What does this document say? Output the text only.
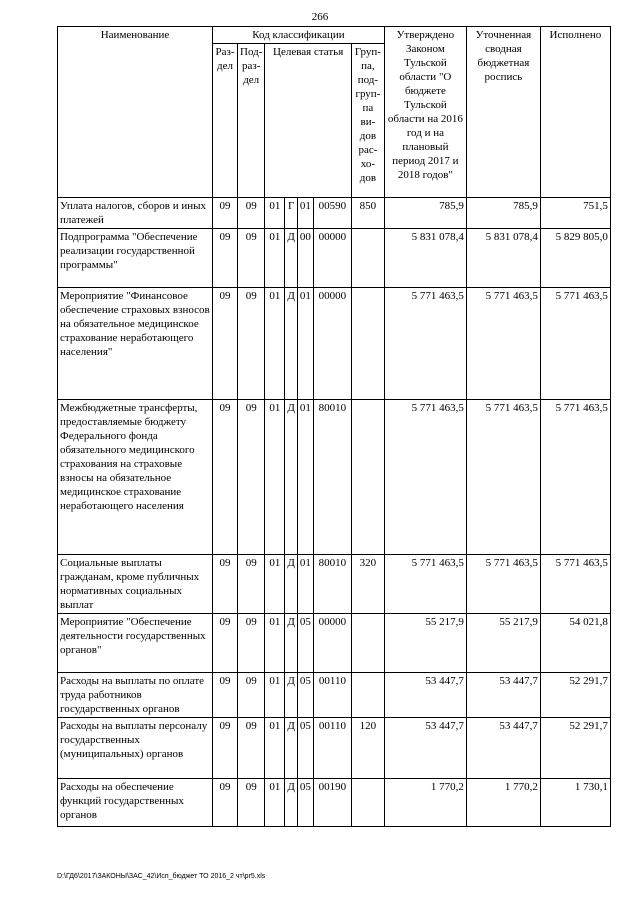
266
Наименование	Код классификации							Утверждено Законом Тульской области "О бюджете Тульской области на 2016 год и на плановый период 2017 и 2018 годов"	Уточненная сводная бюджетная роспись	Исполнено
	Раз-дел	Под-раз-дел	Целевая статья				Груп-па, под-груп-па ви-дов рас-хо-дов			
Уплата налогов, сборов и иных платежей	09	09	01	Г	01	00590	850	785,9	785,9	751,5
Подпрограмма "Обеспечение реализации государственной программы"	09	09	01	Д	00	00000		5 831 078,4	5 831 078,4	5 829 805,0
Мероприятие "Финансовое обеспечение страховых взносов на обязательное медицинское страхование неработающего населения"	09	09	01	Д	01	00000		5 771 463,5	5 771 463,5	5 771 463,5
Межбюджетные трансферты, предоставляемые бюджету Федерального фонда обязательного медицинского страхования на страховые взносы на обязательное медицинское страхование неработающего населения	09	09	01	Д	01	80010		5 771 463,5	5 771 463,5	5 771 463,5
Социальные выплаты гражданам, кроме публичных нормативных социальных выплат	09	09	01	Д	01	80010	320	5 771 463,5	5 771 463,5	5 771 463,5
Мероприятие "Обеспечение деятельности государственных органов"	09	09	01	Д	05	00000		55 217,9	55 217,9	54 021,8
Расходы на выплаты по оплате труда работников государственных органов	09	09	01	Д	05	00110		53 447,7	53 447,7	52 291,7
Расходы на выплаты персоналу государственных (муниципальных) органов	09	09	01	Д	05	00110	120	53 447,7	53 447,7	52 291,7
Расходы на обеспечение функций государственных органов	09	09	01	Д	05	00190		1 770,2	1 770,2	1 730,1
D:\ГД6\2017\ЗАКОНЫ\ЗАС_42\Исп_бюджет ТО 2016_2 чт\pr5.xls
